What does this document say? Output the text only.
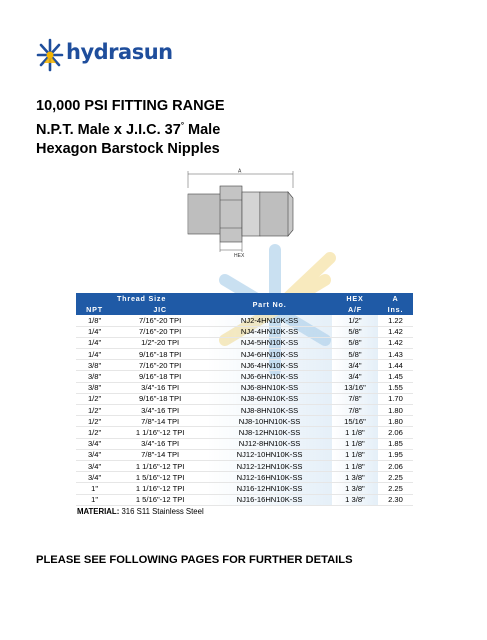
hydrasun
10,000 PSI FITTING RANGE
N.P.T. Male x J.I.C. 37° Male
Hexagon Barstock Nipples
A
HEX
Thread Size		Part No.	HEX	A
NPT	JIC		A/F	Ins.
1/8"	7/16"-20 TPI	NJ2-4HN10K-SS	1/2"	1.22
1/4"	7/16"-20 TPI	NJ4-4HN10K-SS	5/8"	1.42
1/4"	1/2"-20 TPI	NJ4-5HN10K-SS	5/8"	1.42
1/4"	9/16"-18 TPI	NJ4-6HN10K-SS	5/8"	1.43
3/8"	7/16"-20 TPI	NJ6-4HN10K-SS	3/4"	1.44
3/8"	9/16"-18 TPI	NJ6-6HN10K-SS	3/4"	1.45
3/8"	3/4"-16 TPI	NJ6-8HN10K-SS	13/16"	1.55
1/2"	9/16"-18 TPI	NJ8-6HN10K-SS	7/8"	1.70
1/2"	3/4"-16 TPI	NJ8-8HN10K-SS	7/8"	1.80
1/2"	7/8"-14 TPI	NJ8-10HN10K-SS	15/16"	1.80
1/2"	1 1/16"-12 TPI	NJ8-12HN10K-SS	1 1/8"	2.06
3/4"	3/4"-16 TPI	NJ12-8HN10K-SS	1 1/8"	1.85
3/4"	7/8"-14 TPI	NJ12-10HN10K-SS	1 1/8"	1.95
3/4"	1 1/16"-12 TPI	NJ12-12HN10K-SS	1 1/8"	2.06
3/4"	1 5/16"-12 TPI	NJ12-16HN10K-SS	1 3/8"	2.25
1"	1 1/16"-12 TPI	NJ16-12HN10K-SS	1 3/8"	2.25
1"	1 5/16"-12 TPI	NJ16-16HN10K-SS	1 3/8"	2.30
MATERIAL: 316 S11 Stainless Steel
PLEASE SEE FOLLOWING PAGES FOR FURTHER DETAILS
